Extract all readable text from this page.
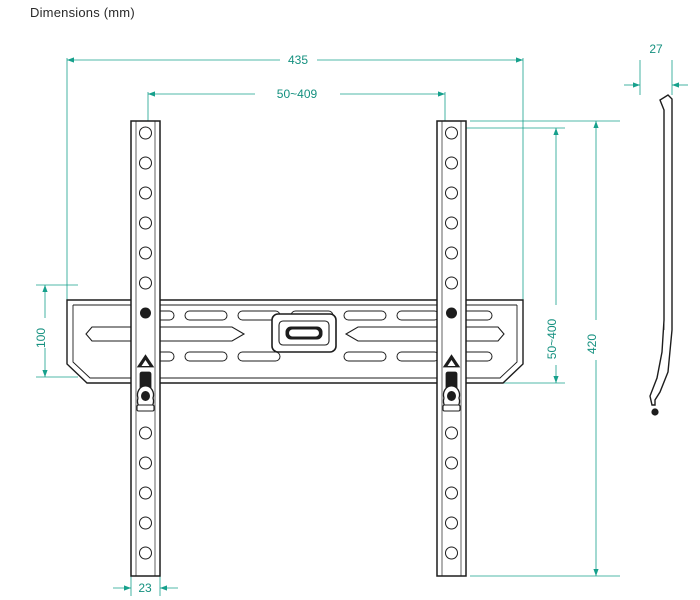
Dimensions (mm)
435
50~409
100	50~400 420
23
27
